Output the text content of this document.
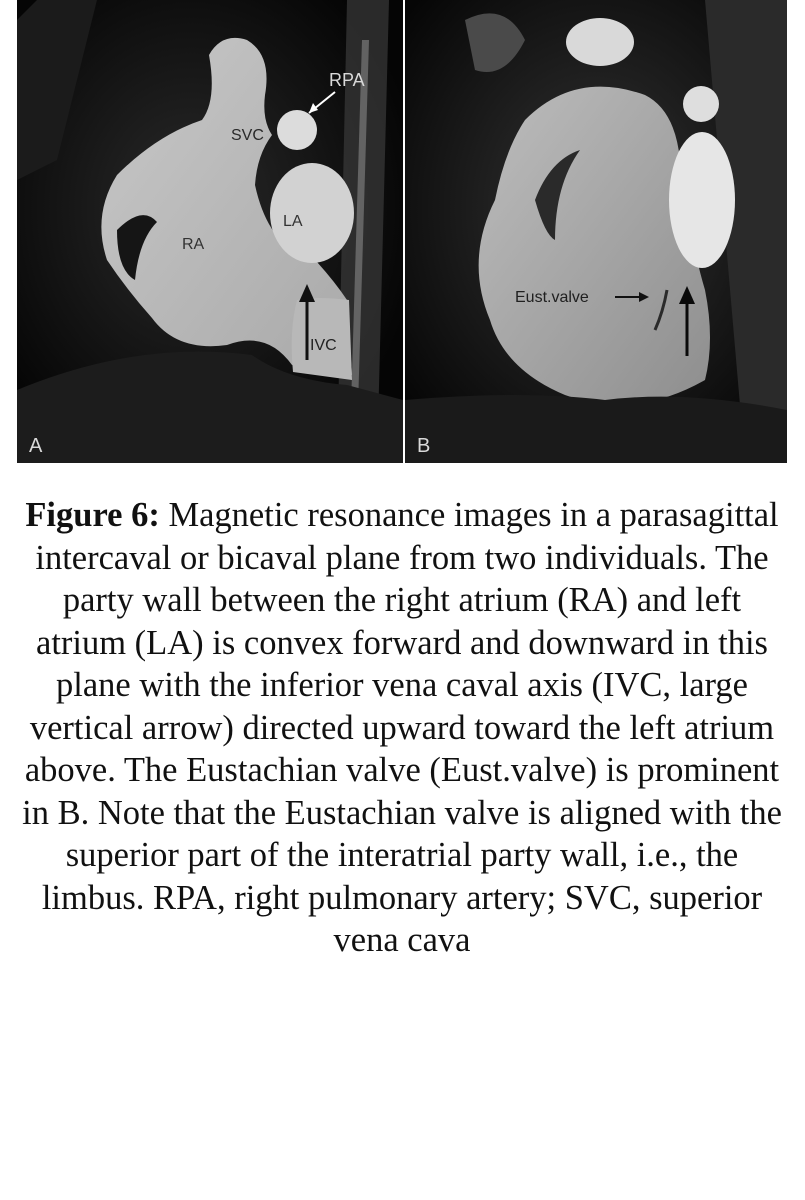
RPA
SVC
LA
RA
IVC
A
Eust.valve
B
Figure 6: Magnetic resonance images in a parasagittal intercaval or bicaval plane from two individuals. The party wall between the right atrium (RA) and left atrium (LA) is convex forward and downward in this plane with the inferior vena caval axis (IVC, large vertical arrow) directed upward toward the left atrium above. The Eustachian valve (Eust.valve) is prominent in B. Note that the Eustachian valve is aligned with the superior part of the interatrial party wall, i.e., the limbus. RPA, right pulmonary artery; SVC, superior vena cava
